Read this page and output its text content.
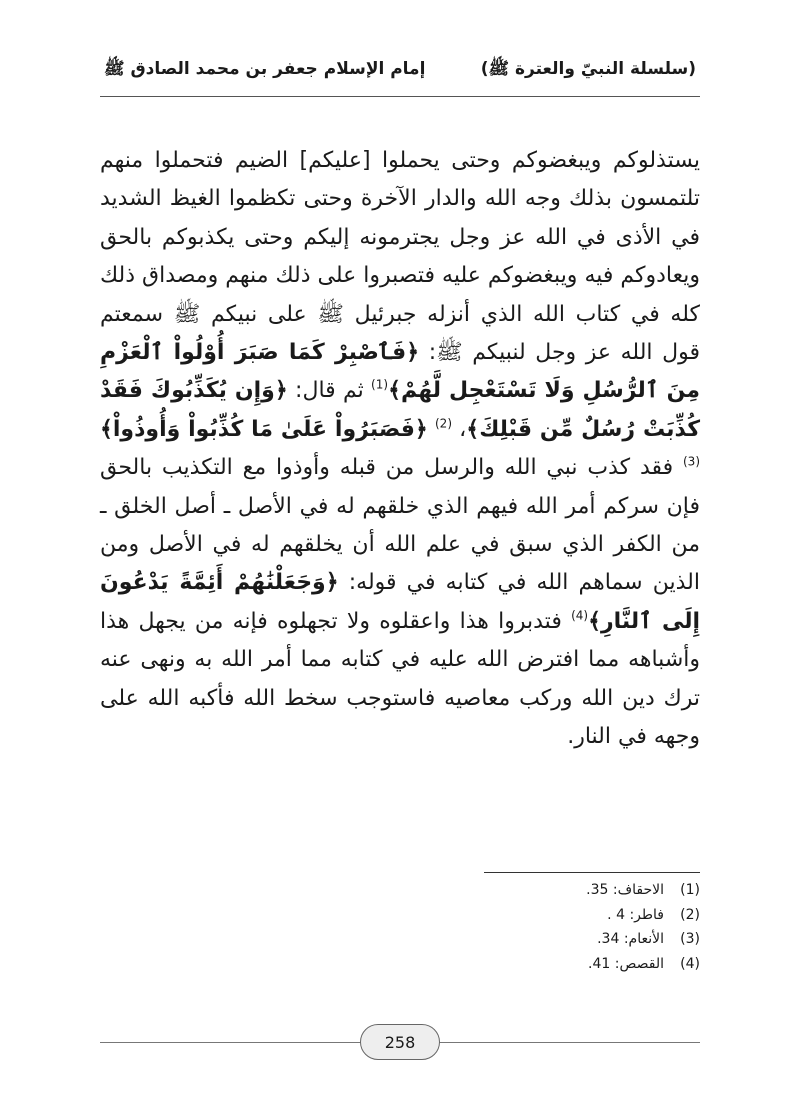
(سلسلة النبيّ والعترة ﷺ)
إمام الإسلام جعفر بن محمد الصادق ﷺ

يستذلوكم ويبغضوكم وحتى يحملوا [عليكم] الضيم فتحملوا منهم تلتمسون بذلك وجه الله والدار الآخرة وحتى تكظموا الغيظ الشديد في الأذى في الله عز وجل يجترمونه إليكم وحتى يكذبوكم بالحق ويعادوكم فيه ويبغضوكم عليه فتصبروا على ذلك منهم ومصداق ذلك كله في كتاب الله الذي أنزله جبرئيل ﷺ على نبيكم ﷺ سمعتم قول الله عز وجل لنبيكم ﷺ: ﴿فَٱصْبِرْ كَمَا صَبَرَ أُوْلُواْ ٱلْعَزْمِ مِنَ ٱلرُّسُلِ وَلَا تَسْتَعْجِل لَّهُمْ﴾$^{(1)}$ ثم قال: ﴿وَإِن يُكَذِّبُوكَ فَقَدْ كُذِّبَتْ رُسُلٌ مِّن قَبْلِكَ﴾، $^{(2)}$ ﴿فَصَبَرُواْ عَلَىٰ مَا كُذِّبُواْ وَأُوذُواْ﴾$^{(3)}$ فقد كذب نبي الله والرسل من قبله وأوذوا مع التكذيب بالحق فإن سركم أمر الله فيهم الذي خلقهم له في الأصل ـ أصل الخلق ـ من الكفر الذي سبق في علم الله أن يخلقهم له في الأصل ومن الذين سماهم الله في كتابه في قوله: ﴿وَجَعَلْنَٰهُمْ أَئِمَّةً يَدْعُونَ إِلَى ٱلنَّارِ﴾$^{(4)}$ فتدبروا هذا واعقلوه ولا تجهلوه فإنه من يجهل هذا وأشباهه مما افترض الله عليه في كتابه مما أمر الله به ونهى عنه ترك دين الله وركب معاصيه فاستوجب سخط الله فأكبه الله على وجهه في النار.

(1)
الاحقاف: 35.
(2)
فاطر: 4 .
(3)
الأنعام: 34.
(4)
القصص: 41.
258
